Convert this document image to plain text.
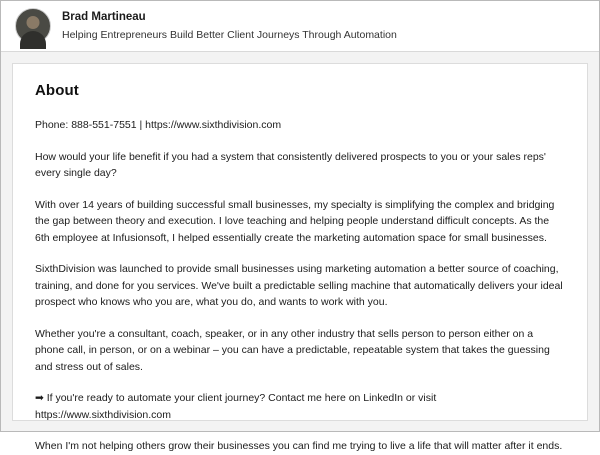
Brad Martineau
Helping Entrepreneurs Build Better Client Journeys Through Automation
About

Phone: 888-551-7551 | https://www.sixthdivision.com

How would your life benefit if you had a system that consistently delivered prospects to you or your sales reps' every single day?

With over 14 years of building successful small businesses, my specialty is simplifying the complex and bridging the gap between theory and execution. I love teaching and helping people understand difficult concepts. As the 6th employee at Infusionsoft, I helped essentially create the marketing automation space for small businesses.

SixthDivision was launched to provide small businesses using marketing automation a better source of coaching, training, and done for you services. We've built a predictable selling machine that automatically delivers your ideal prospect who knows who you are, what you do, and wants to work with you.

Whether you're a consultant, coach, speaker, or in any other industry that sells person to person either on a phone call, in person, or on a webinar – you can have a predictable, repeatable system that takes the guessing and stress out of sales.

➡ If you're ready to automate your client journey? Contact me here on LinkedIn or visit https://www.sixthdivision.com

When I'm not helping others grow their businesses you can find me trying to live a life that will matter after it ends.
